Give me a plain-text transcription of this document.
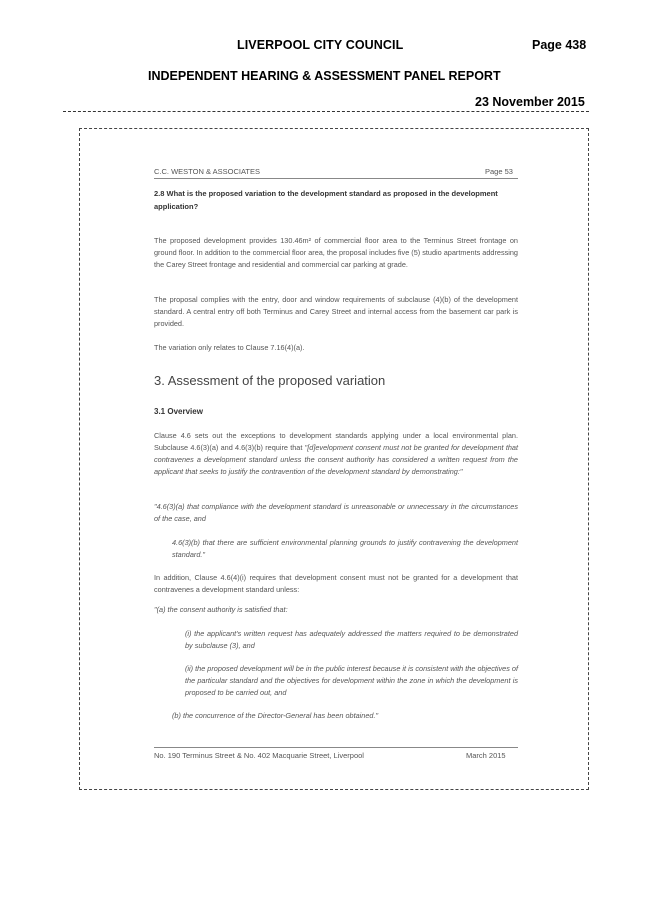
LIVERPOOL CITY COUNCIL	Page 438
INDEPENDENT HEARING & ASSESSMENT PANEL REPORT
23 November 2015
C.C. WESTON & ASSOCIATES	Page 53
2.8 What is the proposed variation to the development standard as proposed in the development application?
The proposed development provides 130.46m² of commercial floor area to the Terminus Street frontage on ground floor. In addition to the commercial floor area, the proposal includes five (5) studio apartments addressing the Carey Street frontage and residential and commercial car parking at grade.
The proposal complies with the entry, door and window requirements of subclause (4)(b) of the development standard. A central entry off both Terminus and Carey Street and internal access from the basement car park is provided.
The variation only relates to Clause 7.16(4)(a).
3. Assessment of the proposed variation
3.1 Overview
Clause 4.6 sets out the exceptions to development standards applying under a local environmental plan. Subclause 4.6(3)(a) and 4.6(3)(b) require that "[d]evelopment consent must not be granted for development that contravenes a development standard unless the consent authority has considered a written request from the applicant that seeks to justify the contravention of the development standard by demonstrating:"
"4.6(3)(a) that compliance with the development standard is unreasonable or unnecessary in the circumstances of the case, and
4.6(3)(b) that there are sufficient environmental planning grounds to justify contravening the development standard."
In addition, Clause 4.6(4)(i) requires that development consent must not be granted for a development that contravenes a development standard unless:
"(a) the consent authority is satisfied that:
(i) the applicant's written request has adequately addressed the matters required to be demonstrated by subclause (3), and
(ii) the proposed development will be in the public interest because it is consistent with the objectives of the particular standard and the objectives for development within the zone in which the development is proposed to be carried out, and
(b) the concurrence of the Director-General has been obtained."
No. 190 Terminus Street & No. 402 Macquarie Street, Liverpool	March 2015
